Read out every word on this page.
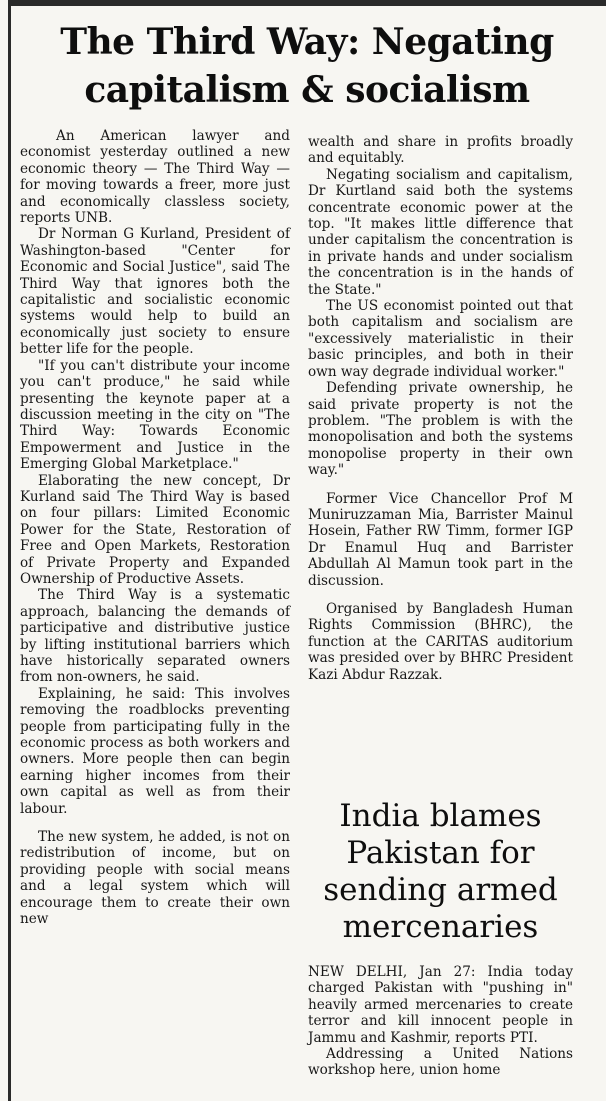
The Third Way: Negating capitalism & socialism

An American lawyer and economist yesterday outlined a new economic theory — The Third Way — for moving towards a freer, more just and economically classless society, reports UNB.

Dr Norman G Kurland, President of Washington-based "Center for Economic and Social Justice", said The Third Way that ignores both the capitalistic and socialistic economic systems would help to build an economically just society to ensure better life for the people.

"If you can't distribute your income you can't produce," he said while presenting the keynote paper at a discussion meeting in the city on "The Third Way: Towards Economic Empowerment and Justice in the Emerging Global Marketplace."

Elaborating the new concept, Dr Kurland said The Third Way is based on four pillars: Limited Economic Power for the State, Restoration of Free and Open Markets, Restoration of Private Property and Expanded Ownership of Productive Assets.

The Third Way is a systematic approach, balancing the demands of participative and distributive justice by lifting institutional barriers which have historically separated owners from non-owners, he said.

Explaining, he said: This involves removing the roadblocks preventing people from participating fully in the economic process as both workers and owners. More people then can begin earning higher incomes from their own capital as well as from their labour.

The new system, he added, is not on redistribution of income, but on providing people with social means and a legal system which will encourage them to create their own new

wealth and share in profits broadly and equitably.

Negating socialism and capitalism, Dr Kurtland said both the systems concentrate economic power at the top. "It makes little difference that under capitalism the concentration is in private hands and under socialism the concentration is in the hands of the State."

The US economist pointed out that both capitalism and socialism are "excessively materialistic in their basic principles, and both in their own way degrade individual worker."

Defending private ownership, he said private property is not the problem. "The problem is with the monopolisation and both the systems monopolise property in their own way."

Former Vice Chancellor Prof M Muniruzzaman Mia, Barrister Mainul Hosein, Father RW Timm, former IGP Dr Enamul Huq and Barrister Abdullah Al Mamun took part in the discussion.

Organised by Bangladesh Human Rights Commission (BHRC), the function at the CARITAS auditorium was presided over by BHRC President Kazi Abdur Razzak.

India blames Pakistan for sending armed mercenaries

NEW DELHI, Jan 27: India today charged Pakistan with "pushing in" heavily armed mercenaries to create terror and kill innocent people in Jammu and Kashmir, reports PTI.

Addressing a United Nations workshop here, union home
